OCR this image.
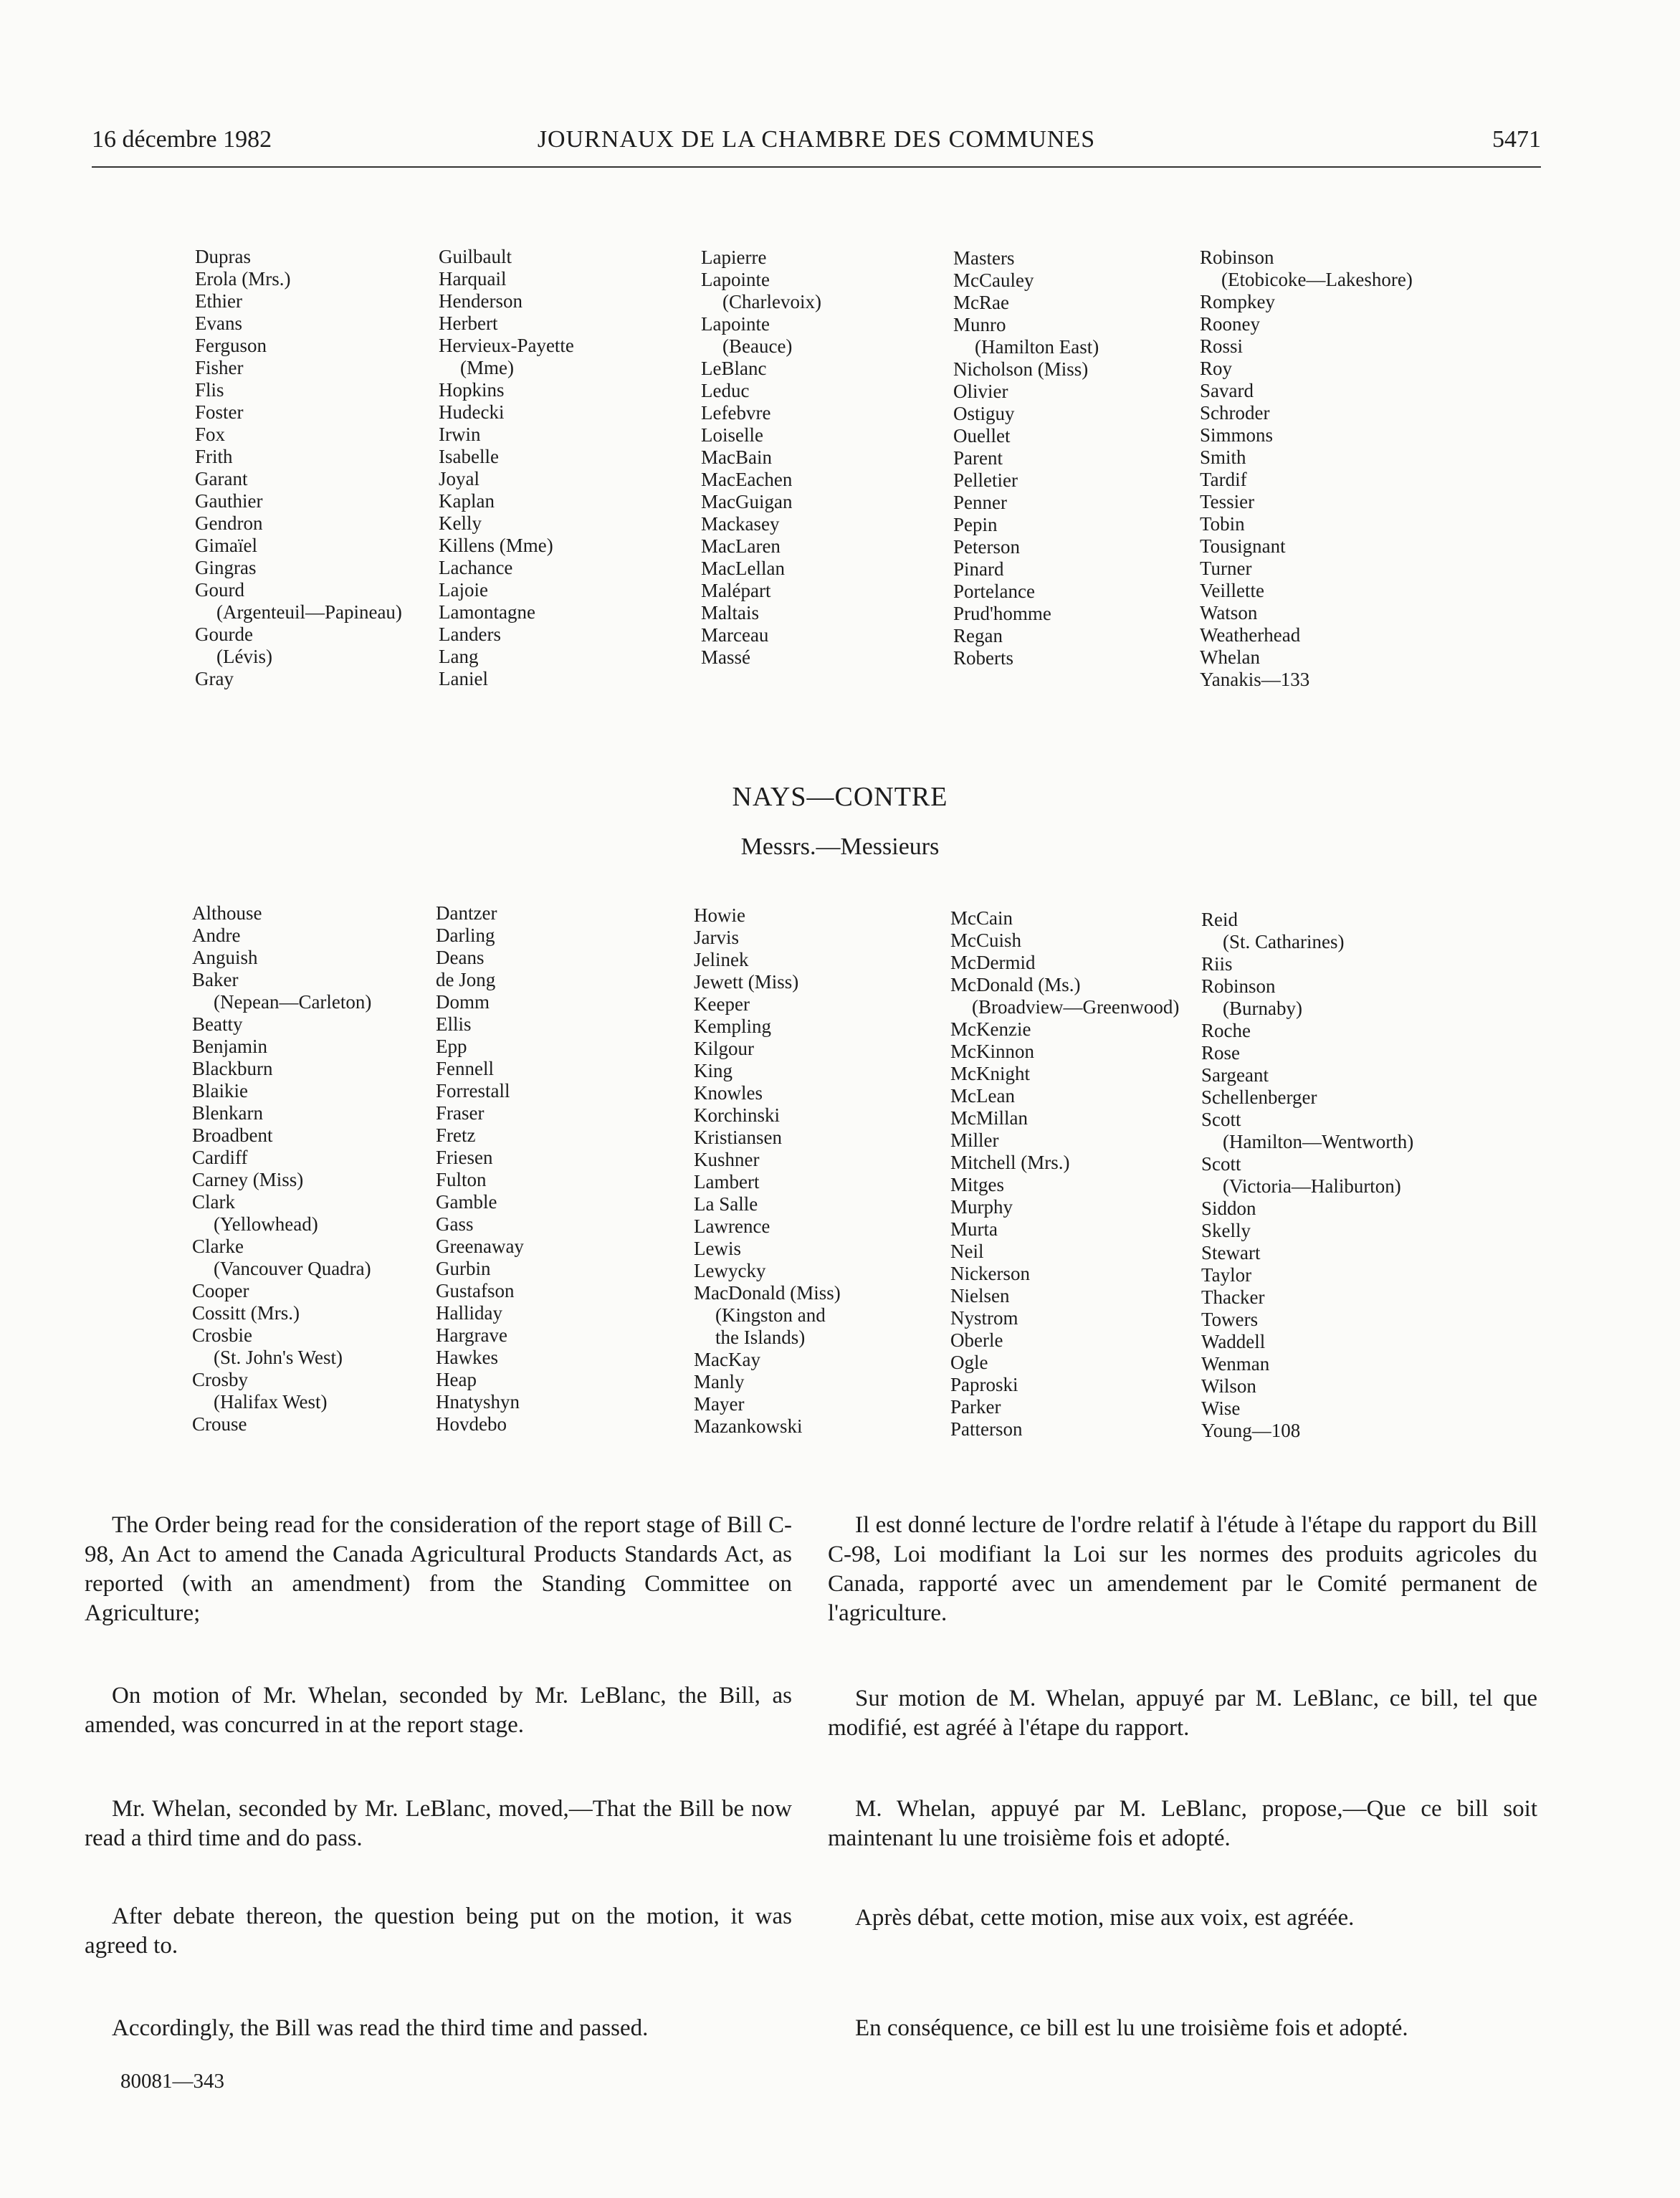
16 décembre 1982	JOURNAUX DE LA CHAMBRE DES COMMUNES	5471
Dupras
Erola (Mrs.)
Ethier
Evans
Ferguson
Fisher
Flis
Foster
Fox
Frith
Garant
Gauthier
Gendron
Gimaïel
Gingras
Gourd
(Argenteuil—Papineau)
Gourde
(Lévis)
Gray
Guilbault
Harquail
Henderson
Herbert
Hervieux-Payette
(Mme)
Hopkins
Hudecki
Irwin
Isabelle
Joyal
Kaplan
Kelly
Killens (Mme)
Lachance
Lajoie
Lamontagne
Landers
Lang
Laniel
Lapierre
Lapointe
(Charlevoix)
Lapointe
(Beauce)
LeBlanc
Leduc
Lefebvre
Loiselle
MacBain
MacEachen
MacGuigan
Mackasey
MacLaren
MacLellan
Malépart
Maltais
Marceau
Massé
Masters
McCauley
McRae
Munro
(Hamilton East)
Nicholson (Miss)
Olivier
Ostiguy
Ouellet
Parent
Pelletier
Penner
Pepin
Peterson
Pinard
Portelance
Prud'homme
Regan
Roberts
Robinson
(Etobicoke—Lakeshore)
Rompkey
Rooney
Rossi
Roy
Savard
Schroder
Simmons
Smith
Tardif
Tessier
Tobin
Tousignant
Turner
Veillette
Watson
Weatherhead
Whelan
Yanakis—133
NAYS—CONTRE
Messrs.—Messieurs
Althouse
Andre
Anguish
Baker
(Nepean—Carleton)
Beatty
Benjamin
Blackburn
Blaikie
Blenkarn
Broadbent
Cardiff
Carney (Miss)
Clark
(Yellowhead)
Clarke
(Vancouver Quadra)
Cooper
Cossitt (Mrs.)
Crosbie
(St. John's West)
Crosby
(Halifax West)
Crouse
Dantzer
Darling
Deans
de Jong
Domm
Ellis
Epp
Fennell
Forrestall
Fraser
Fretz
Friesen
Fulton
Gamble
Gass
Greenaway
Gurbin
Gustafson
Halliday
Hargrave
Hawkes
Heap
Hnatyshyn
Hovdebo
Howie
Jarvis
Jelinek
Jewett (Miss)
Keeper
Kempling
Kilgour
King
Knowles
Korchinski
Kristiansen
Kushner
Lambert
La Salle
Lawrence
Lewis
Lewycky
MacDonald (Miss)
(Kingston and
the Islands)
MacKay
Manly
Mayer
Mazankowski
McCain
McCuish
McDermid
McDonald (Ms.)
(Broadview—Greenwood)
McKenzie
McKinnon
McKnight
McLean
McMillan
Miller
Mitchell (Mrs.)
Mitges
Murphy
Murta
Neil
Nickerson
Nielsen
Nystrom
Oberle
Ogle
Paproski
Parker
Patterson
Reid
(St. Catharines)
Riis
Robinson
(Burnaby)
Roche
Rose
Sargeant
Schellenberger
Scott
(Hamilton—Wentworth)
Scott
(Victoria—Haliburton)
Siddon
Skelly
Stewart
Taylor
Thacker
Towers
Waddell
Wenman
Wilson
Wise
Young—108

The Order being read for the consideration of the report stage of Bill C-98, An Act to amend the Canada Agricultural Products Standards Act, as reported (with an amendment) from the Standing Committee on Agriculture;

Il est donné lecture de l'ordre relatif à l'étude à l'étape du rapport du Bill C-98, Loi modifiant la Loi sur les normes des produits agricoles du Canada, rapporté avec un amendement par le Comité permanent de l'agriculture.

On motion of Mr. Whelan, seconded by Mr. LeBlanc, the Bill, as amended, was concurred in at the report stage.

Sur motion de M. Whelan, appuyé par M. LeBlanc, ce bill, tel que modifié, est agréé à l'étape du rapport.

Mr. Whelan, seconded by Mr. LeBlanc, moved,—That the Bill be now read a third time and do pass.

M. Whelan, appuyé par M. LeBlanc, propose,—Que ce bill soit maintenant lu une troisième fois et adopté.

After debate thereon, the question being put on the motion, it was agreed to.

Après débat, cette motion, mise aux voix, est agréée.

Accordingly, the Bill was read the third time and passed.	En conséquence, ce bill est lu une troisième fois et adopté.

80081—343
